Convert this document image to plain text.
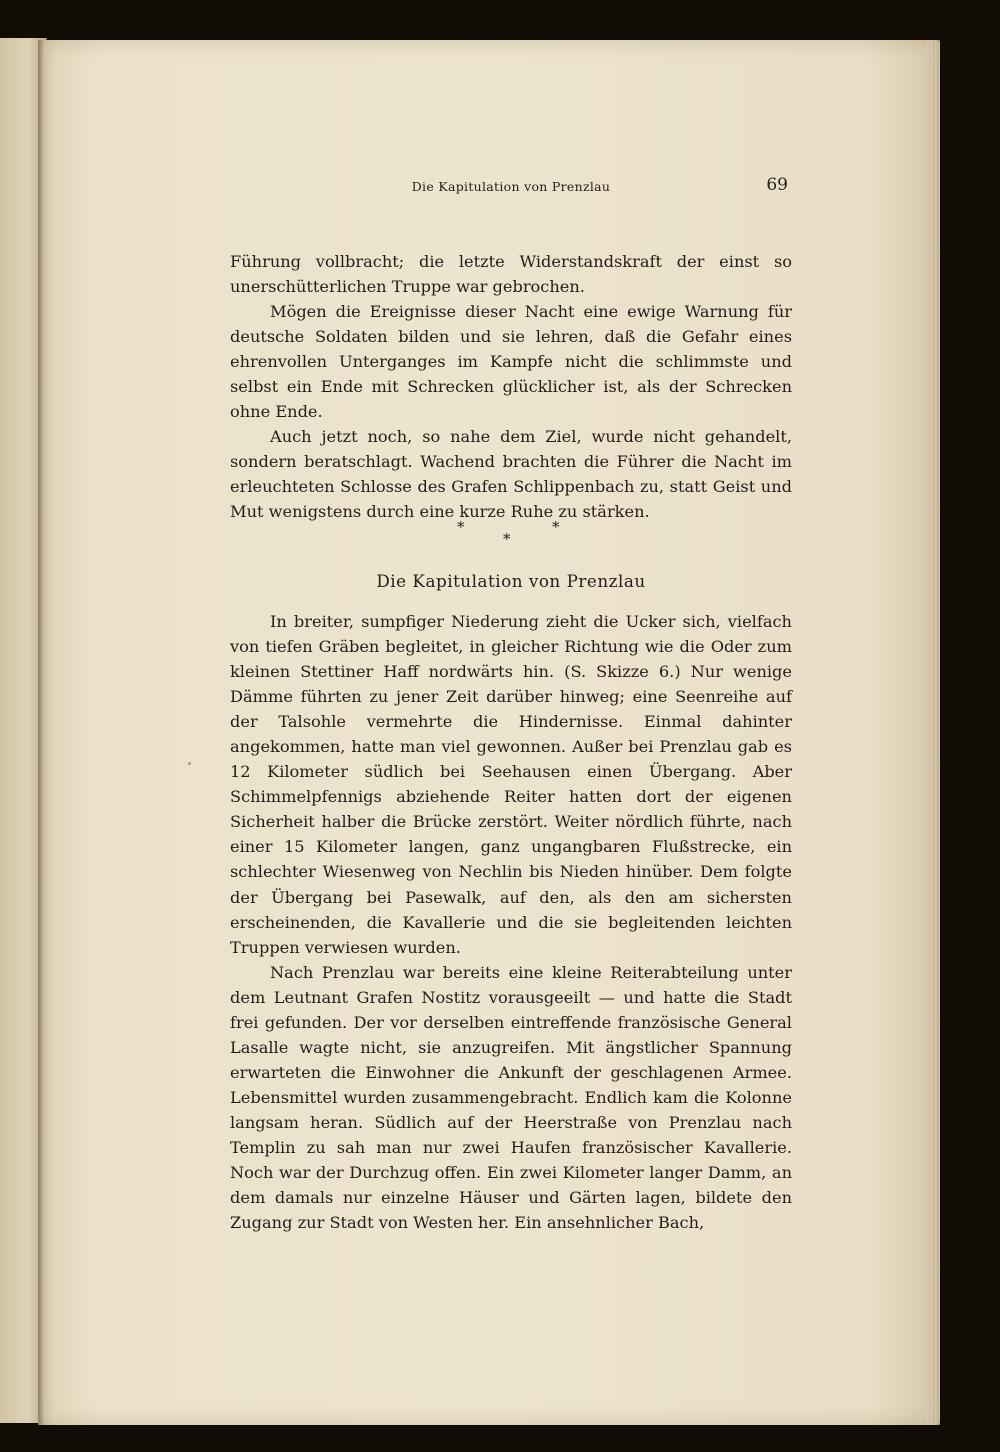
Die Kapitulation von Prenzlau	69

Führung vollbracht; die letzte Widerstandskraft der einst so unerschütterlichen Truppe war gebrochen.

Mögen die Ereignisse dieser Nacht eine ewige Warnung für deutsche Soldaten bilden und sie lehren, daß die Gefahr eines ehrenvollen Unterganges im Kampfe nicht die schlimmste und selbst ein Ende mit Schrecken glücklicher ist, als der Schrecken ohne Ende.

Auch jetzt noch, so nahe dem Ziel, wurde nicht gehandelt, sondern beratschlagt. Wachend brachten die Führer die Nacht im erleuchteten Schlosse des Grafen Schlippenbach zu, statt Geist und Mut wenigstens durch eine kurze Ruhe zu stärken.

*
*
*
Die Kapitulation von Prenzlau

In breiter, sumpfiger Niederung zieht die Ucker sich, vielfach von tiefen Gräben begleitet, in gleicher Richtung wie die Oder zum kleinen Stettiner Haff nordwärts hin. (S. Skizze 6.) Nur wenige Dämme führten zu jener Zeit darüber hinweg; eine Seenreihe auf der Talsohle vermehrte die Hindernisse. Einmal dahinter angekommen, hatte man viel gewonnen. Außer bei Prenzlau gab es 12 Kilometer südlich bei Seehausen einen Übergang. Aber Schimmelpfennigs abziehende Reiter hatten dort der eigenen Sicherheit halber die Brücke zerstört. Weiter nördlich führte, nach einer 15 Kilometer langen, ganz ungangbaren Flußstrecke, ein schlechter Wiesenweg von Nechlin bis Nieden hinüber. Dem folgte der Übergang bei Pasewalk, auf den, als den am sichersten erscheinenden, die Kavallerie und die sie begleitenden leichten Truppen verwiesen wurden.

Nach Prenzlau war bereits eine kleine Reiterabteilung unter dem Leutnant Grafen Nostitz vorausgeeilt — und hatte die Stadt frei gefunden. Der vor derselben eintreffende französische General Lasalle wagte nicht, sie anzugreifen. Mit ängstlicher Spannung erwarteten die Einwohner die Ankunft der geschlagenen Armee. Lebensmittel wurden zusammengebracht. Endlich kam die Kolonne langsam heran. Südlich auf der Heerstraße von Prenzlau nach Templin zu sah man nur zwei Haufen französischer Kavallerie. Noch war der Durchzug offen. Ein zwei Kilometer langer Damm, an dem damals nur einzelne Häuser und Gärten lagen, bildete den Zugang zur Stadt von Westen her. Ein ansehnlicher Bach,
